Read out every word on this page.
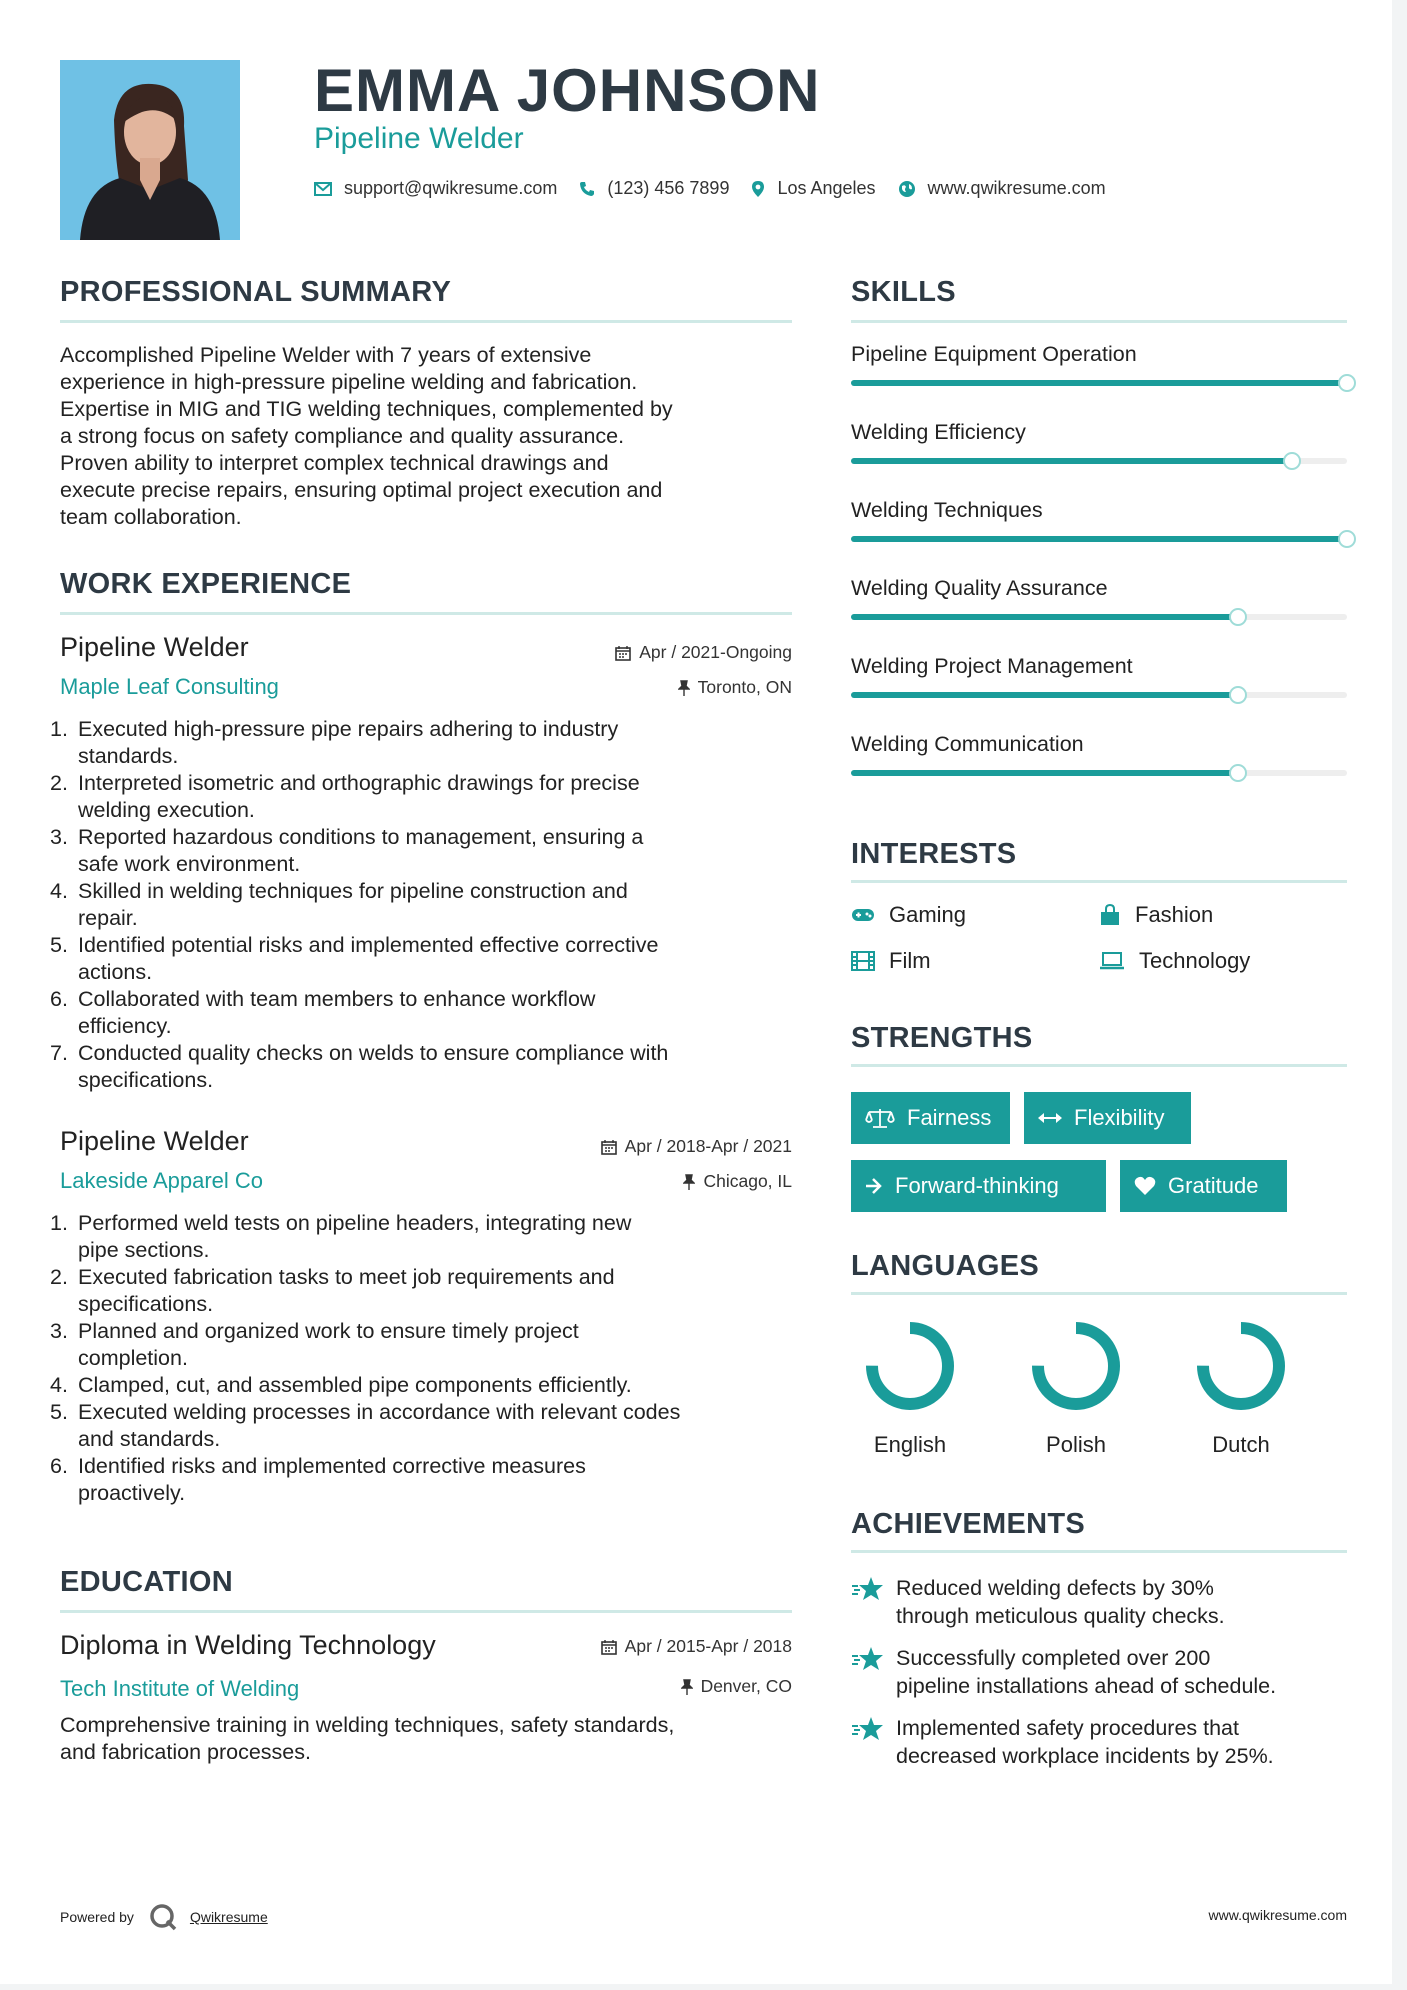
EMMA JOHNSON
Pipeline Welder
support@qwikresume.com	(123) 456 7899	Los Angeles	www.qwikresume.com
PROFESSIONAL SUMMARY
Accomplished Pipeline Welder with 7 years of extensive
experience in high-pressure pipeline welding and fabrication.
Expertise in MIG and TIG welding techniques, complemented by
a strong focus on safety compliance and quality assurance.
Proven ability to interpret complex technical drawings and
execute precise repairs, ensuring optimal project execution and
team collaboration.
WORK EXPERIENCE
Pipeline Welder	Apr / 2021-Ongoing
Maple Leaf Consulting	Toronto, ON
1. Executed high-pressure pipe repairs adhering to industry
standards.
2. Interpreted isometric and orthographic drawings for precise
welding execution.
3. Reported hazardous conditions to management, ensuring a
safe work environment.
4. Skilled in welding techniques for pipeline construction and
repair.
5. Identified potential risks and implemented effective corrective
actions.
6. Collaborated with team members to enhance workflow
efficiency.
7. Conducted quality checks on welds to ensure compliance with
specifications.
Pipeline Welder	Apr / 2018-Apr / 2021
Lakeside Apparel Co	Chicago, IL
1. Performed weld tests on pipeline headers, integrating new
pipe sections.
2. Executed fabrication tasks to meet job requirements and
specifications.
3. Planned and organized work to ensure timely project
completion.
4. Clamped, cut, and assembled pipe components efficiently.
5. Executed welding processes in accordance with relevant codes
and standards.
6. Identified risks and implemented corrective measures
proactively.
EDUCATION
Diploma in Welding Technology	Apr / 2015-Apr / 2018
Tech Institute of Welding	Denver, CO
Comprehensive training in welding techniques, safety standards,
and fabrication processes.
SKILLS
Pipeline Equipment Operation
Welding Efficiency
Welding Techniques
Welding Quality Assurance
Welding Project Management
Welding Communication
INTERESTS
Gaming	Fashion
Film	Technology
STRENGTHS
Fairness	Flexibility
Forward-thinking	Gratitude
LANGUAGES
English	Polish	Dutch
ACHIEVEMENTS
Reduced welding defects by 30%
through meticulous quality checks.
Successfully completed over 200
pipeline installations ahead of schedule.
Implemented safety procedures that
decreased workplace incidents by 25%.
Powered by	Qwikresume	www.qwikresume.com
